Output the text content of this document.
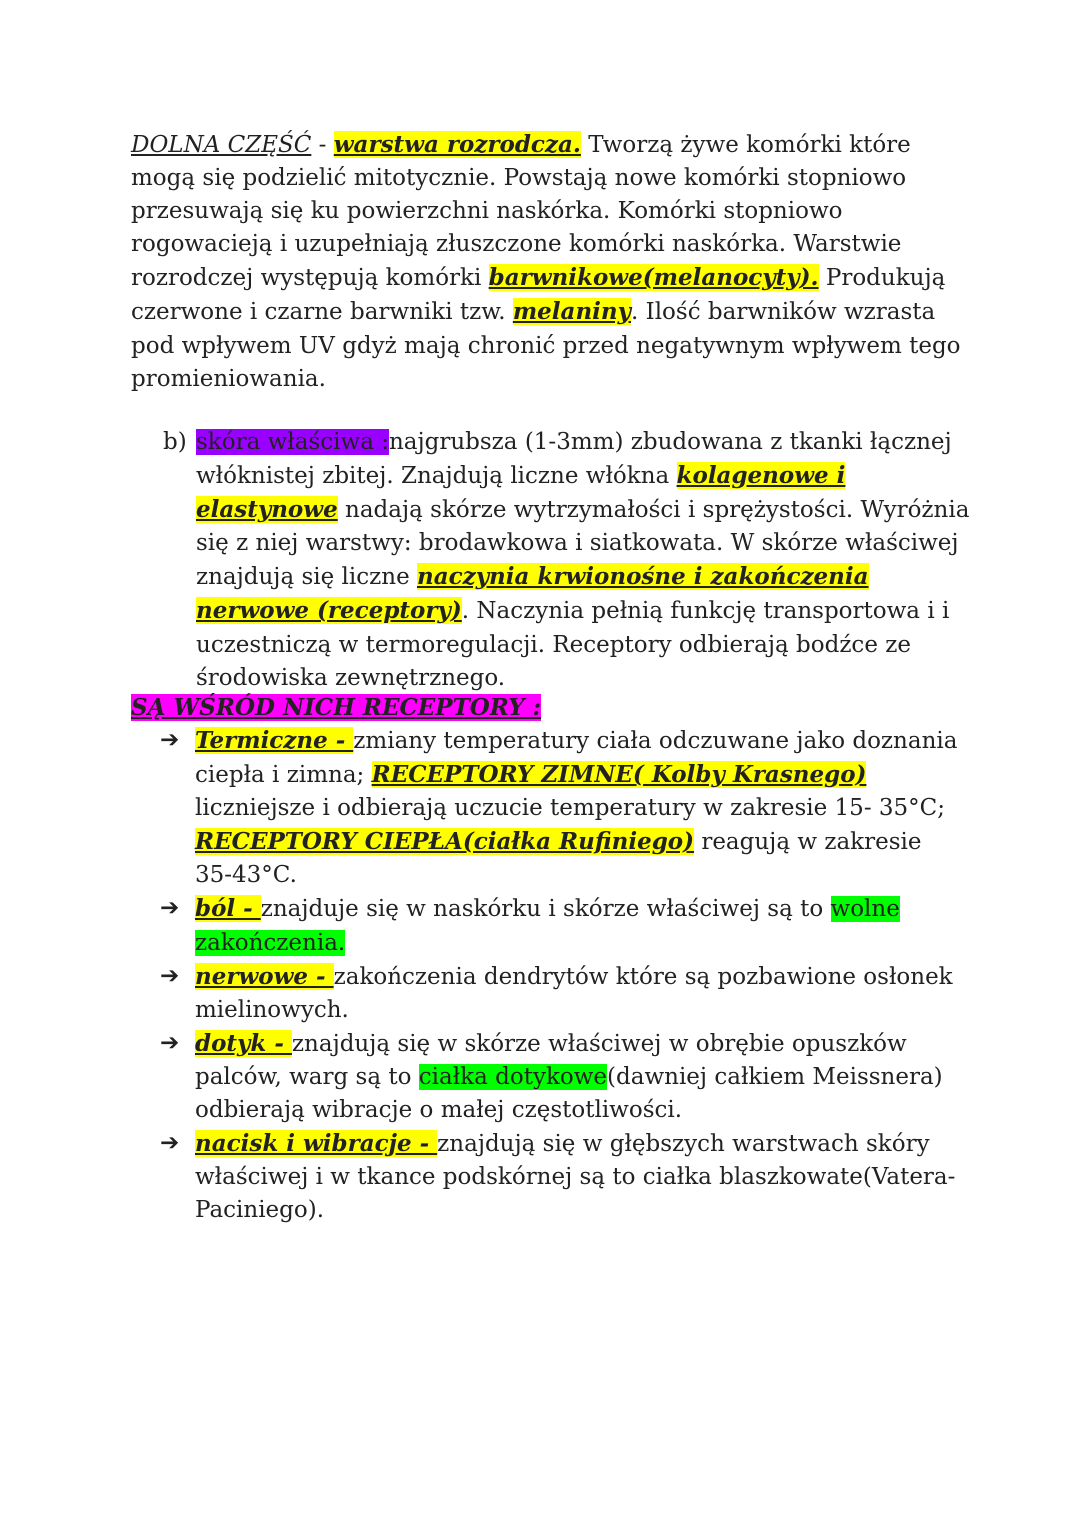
DOLNA CZĘŚĆ - warstwa rozrodcza. Tworzą żywe komórki które mogą się podzielić mitotycznie. Powstają nowe komórki stopniowo przesuwają się ku powierzchni naskórka. Komórki stopniowo rogowacieją i uzupełniają złuszczone komórki naskórka. Warstwie rozrodczej występują komórki barwnikowe(melanocyty). Produkują czerwone i czarne barwniki tzw. melaniny. Ilość barwników wzrasta pod wpływem UV gdyż mają chronić przed negatywnym wpływem tego promieniowania.
b) skóra właściwa :najgrubsza (1-3mm) zbudowana z tkanki łącznej włóknistej zbitej. Znajdują liczne włókna kolagenowe i elastynowe nadają skórze wytrzymałości i sprężystości. Wyróżnia się z niej warstwy: brodawkowa i siatkowata. W skórze właściwej znajdują się liczne naczynia krwionośne i zakończenia nerwowe (receptory). Naczynia pełnią funkcję transportowa i i uczestniczą w termoregulacji. Receptory odbierają bodźce ze środowiska zewnętrznego.
SĄ WŚRÓD NICH RECEPTORY :
➔ Termiczne - zmiany temperatury ciała odczuwane jako doznania ciepła i zimna; RECEPTORY ZIMNE( Kolby Krasnego) liczniejsze i odbierają uczucie temperatury w zakresie 15- 35°C; RECEPTORY CIEPŁA(ciałka Rufiniego) reagują w zakresie 35-43°C.
➔ ból - znajduje się w naskórku i skórze właściwej są to wolne zakończenia.
➔ nerwowe - zakończenia dendrytów które są pozbawione osłonek mielinowych.
➔ dotyk - znajdują się w skórze właściwej w obrębie opuszków palców, warg są to ciałka dotykowe(dawniej całkiem Meissnera) odbierają wibracje o małej częstotliwości.
➔ nacisk i wibracje - znajdują się w głębszych warstwach skóry właściwej i w tkance podskórnej są to ciałka blaszkowate(Vatera-Paciniego).
